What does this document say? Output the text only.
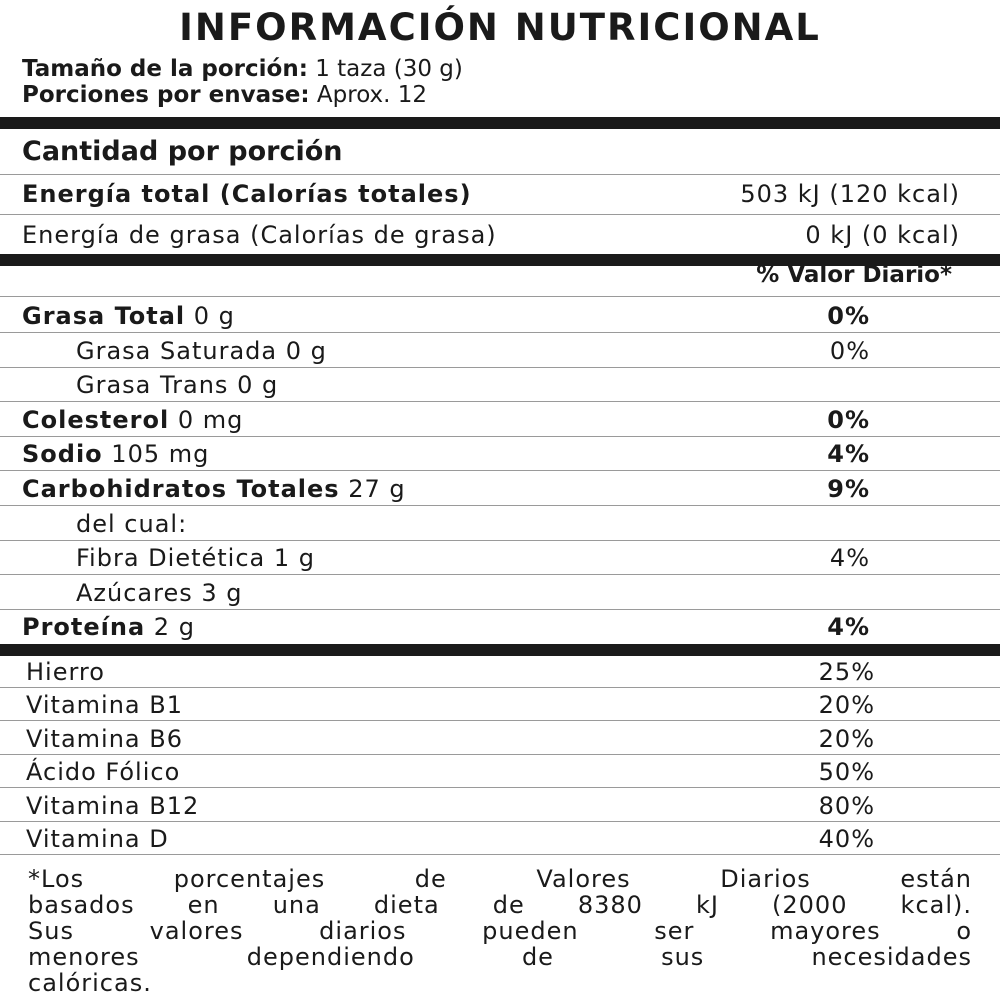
INFORMACIÓN NUTRICIONAL
Tamaño de la porción: 1 taza (30 g)
Porciones por envase: Aprox. 12
Cantidad por porción
Energía total (Calorías totales)	503 kJ (120 kcal)
Energía de grasa (Calorías de grasa)	0 kJ (0 kcal)
% Valor Diario*
Grasa Total 0 g	0%
Grasa Saturada 0 g	0%
Grasa Trans 0 g
Colesterol 0 mg	0%
Sodio 105 mg	4%
Carbohidratos Totales 27 g	9%
del cual:
Fibra Dietética 1 g	4%
Azúcares 3 g
Proteína 2 g	4%
Hierro	25%
Vitamina B1	20%
Vitamina B6	20%
Ácido Fólico	50%
Vitamina B12	80%
Vitamina D	40%
*Los porcentajes de Valores Diarios están
basados en una dieta de 8380 kJ (2000 kcal).
Sus valores diarios pueden ser mayores o
menores dependiendo de sus necesidades
calóricas.
